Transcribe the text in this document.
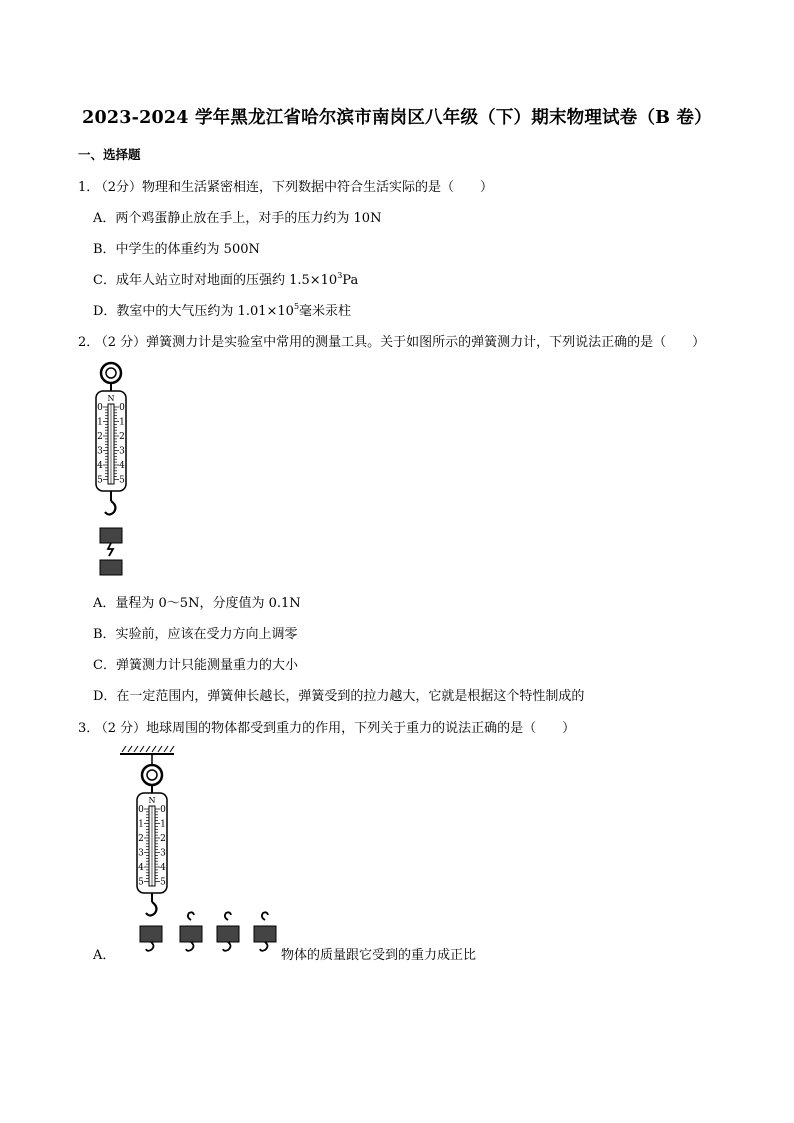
2023-2024 学年黑龙江省哈尔滨市南岗区八年级（下）期末物理试卷（B 卷）
一、选择题
1． （2分）物理和生活紧密相连，下列数据中符合生活实际的是（　　）
A．两个鸡蛋静止放在手上，对手的压力约为 10N
B．中学生的体重约为 500N
C．成年人站立时对地面的压强约 $1.5\times 10^3Pa$
D．教室中的大气压约为 $1.01\times 10^5$毫米汞柱
2． （2 分）弹簧测力计是实验室中常用的测量工具。关于如图所示的弹簧测力计，下列说法正确的是（　　）
N
0 0
1 1
2 2
3 3
4 4
5 5
A．量程为 0～5N，分度值为 0.1N
B．实验前，应该在受力方向上调零
C．弹簧测力计只能测量重力的大小
D．在一定范围内，弹簧伸长越长，弹簧受到的拉力越大，它就是根据这个特性制成的
3． （2 分）地球周围的物体都受到重力的作用，下列关于重力的说法正确的是（　　）
N
0 0
1 1
2 2
3 3
4 4
5 5
A．	物体的质量跟它受到的重力成正比
